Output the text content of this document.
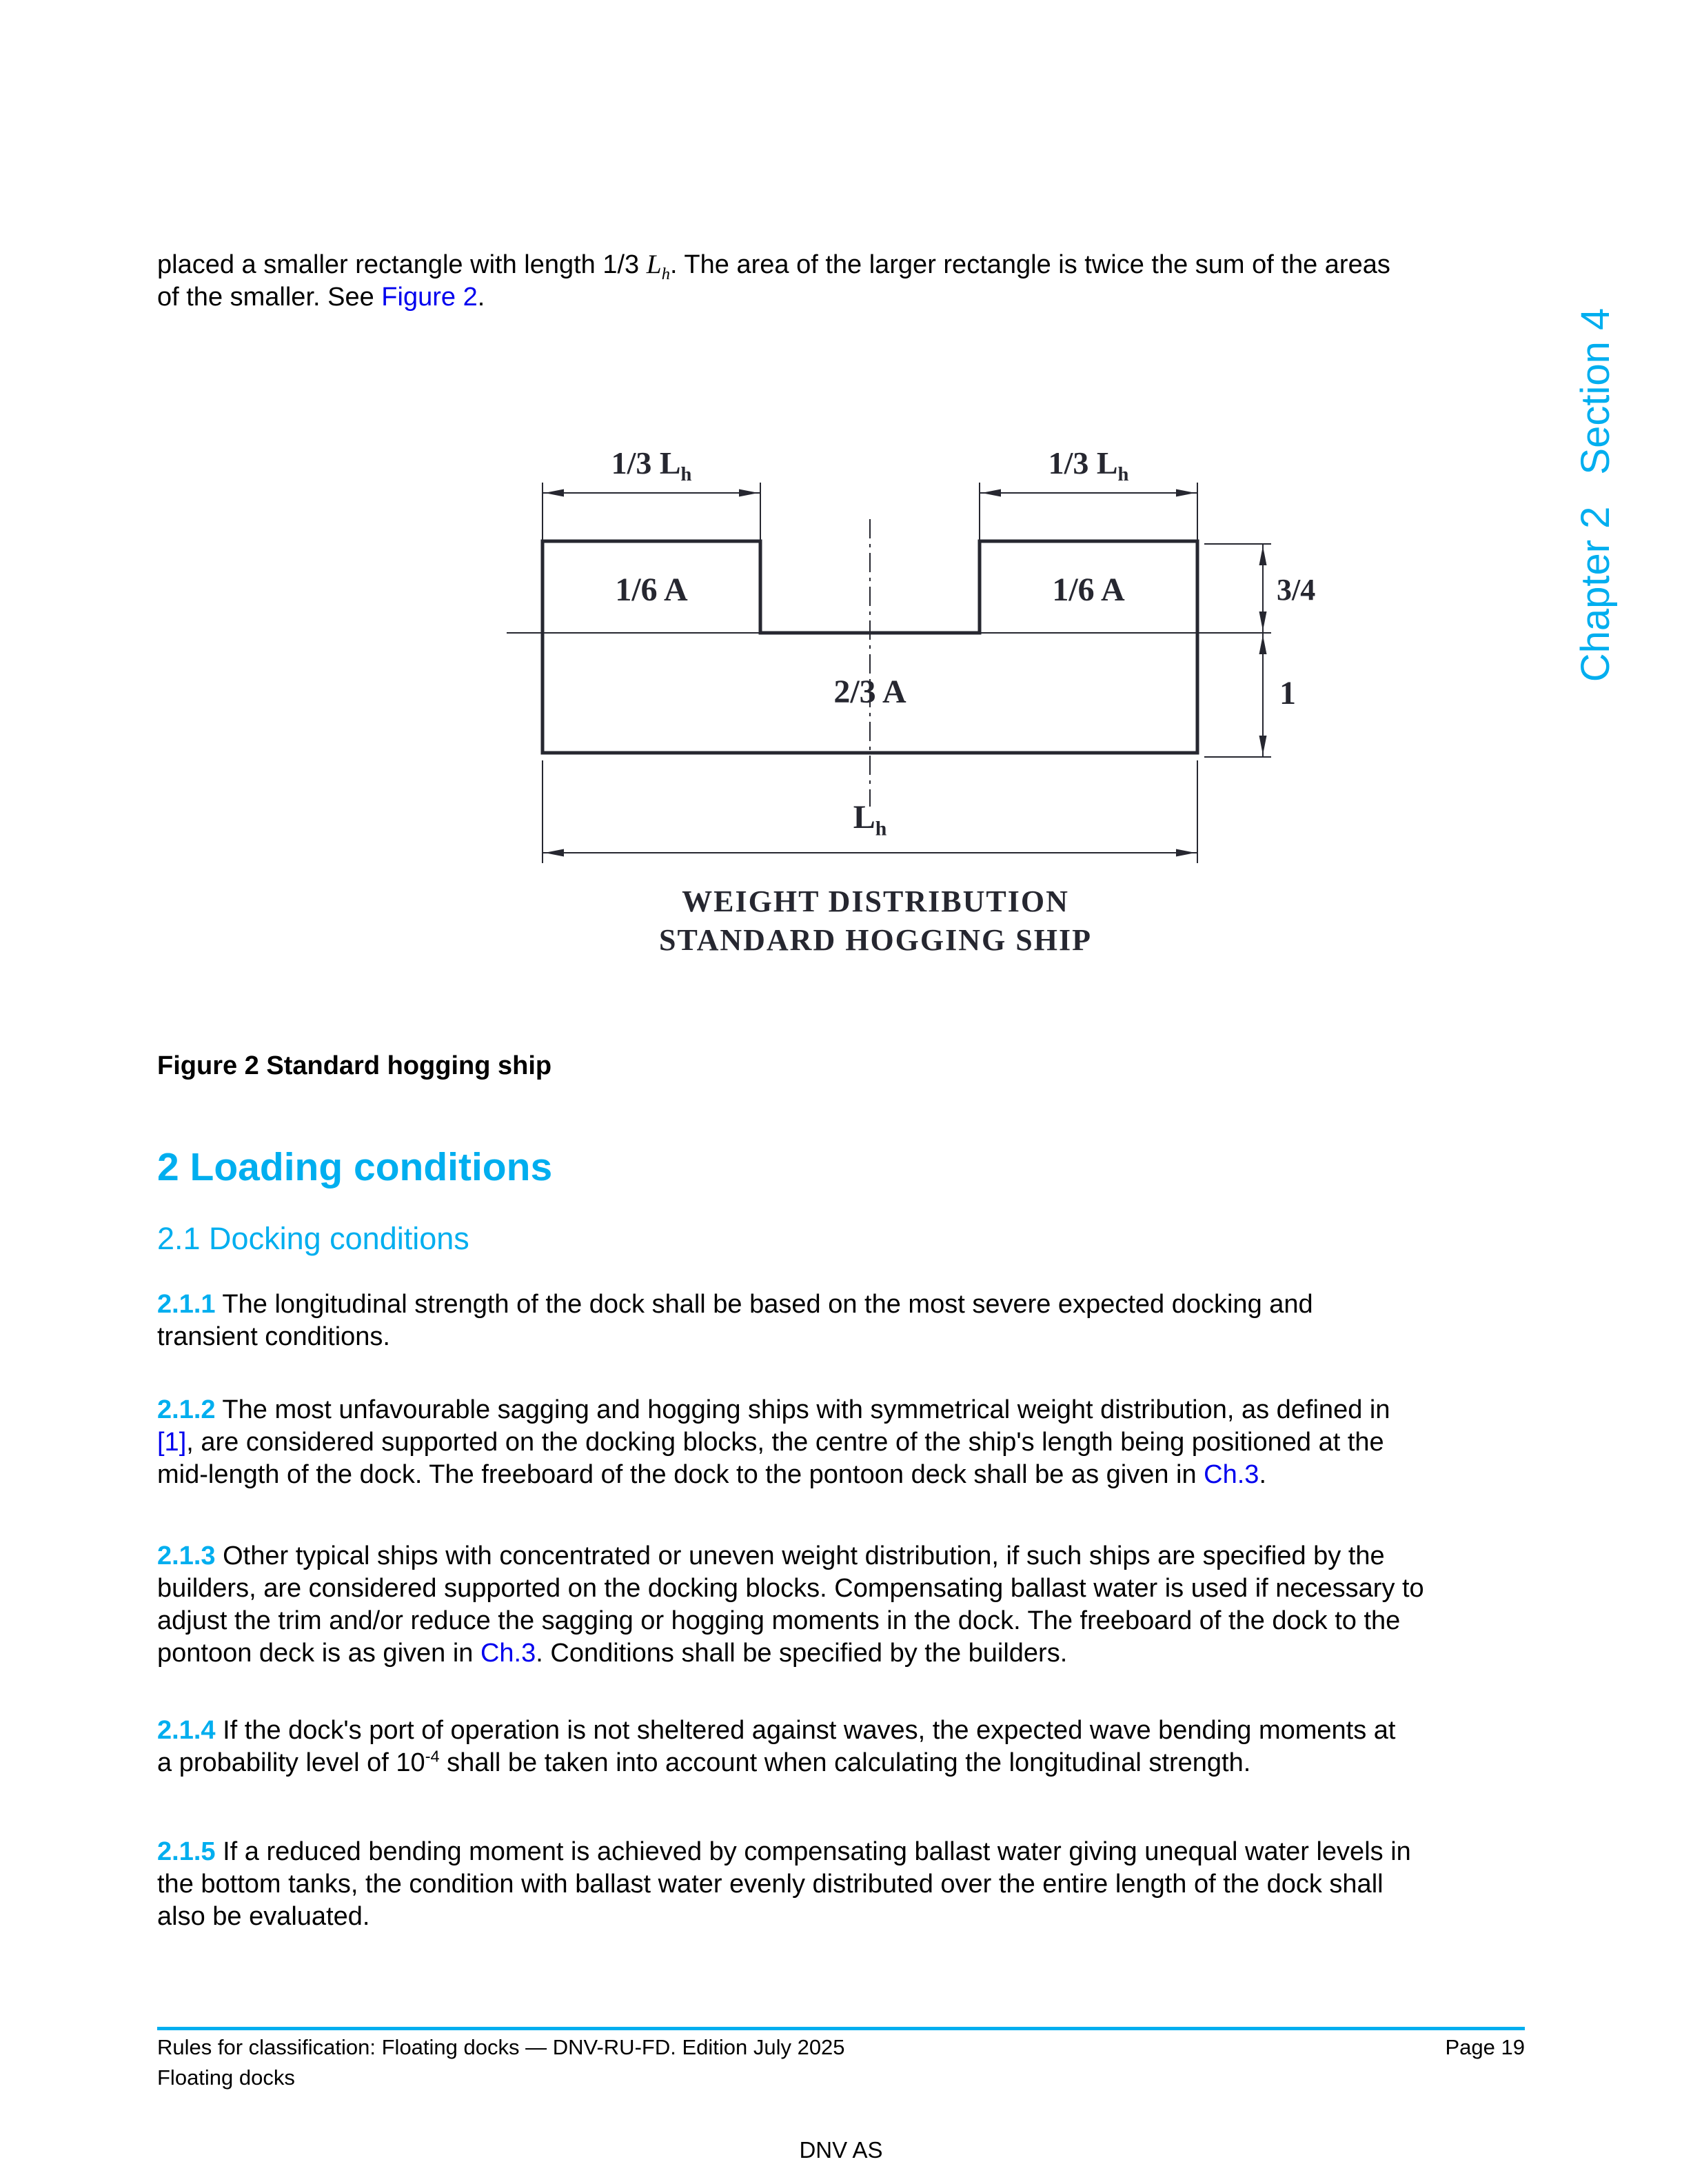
placed a smaller rectangle with length 1/3 $L_h$. The area of the larger rectangle is twice the sum of the areas
of the smaller. See Figure 2.
1/3 $L_h$	1/3 $L_h$
1/6 A	1/6 A
2/3 A
3/4
1
$L_h$
WEIGHT DISTRIBUTION
STANDARD HOGGING SHIP
Figure 2 Standard hogging ship
2 Loading conditions
2.1 Docking conditions
2.1.1 The longitudinal strength of the dock shall be based on the most severe expected docking and
transient conditions.
2.1.2 The most unfavourable sagging and hogging ships with symmetrical weight distribution, as defined in
[1], are considered supported on the docking blocks, the centre of the ship's length being positioned at the
mid-length of the dock. The freeboard of the dock to the pontoon deck shall be as given in Ch.3.
2.1.3 Other typical ships with concentrated or uneven weight distribution, if such ships are specified by the
builders, are considered supported on the docking blocks. Compensating ballast water is used if necessary to
adjust the trim and/or reduce the sagging or hogging moments in the dock. The freeboard of the dock to the
pontoon deck is as given in Ch.3. Conditions shall be specified by the builders.
2.1.4 If the dock's port of operation is not sheltered against waves, the expected wave bending moments at
a probability level of $10^{-4}$ shall be taken into account when calculating the longitudinal strength.
2.1.5 If a reduced bending moment is achieved by compensating ballast water giving unequal water levels in
the bottom tanks, the condition with ballast water evenly distributed over the entire length of the dock shall
also be evaluated.
Chapter 2Section 4
Rules for classification: Floating docks — DNV-RU-FD. Edition July 2025	Page 19
Floating docks
DNV AS
